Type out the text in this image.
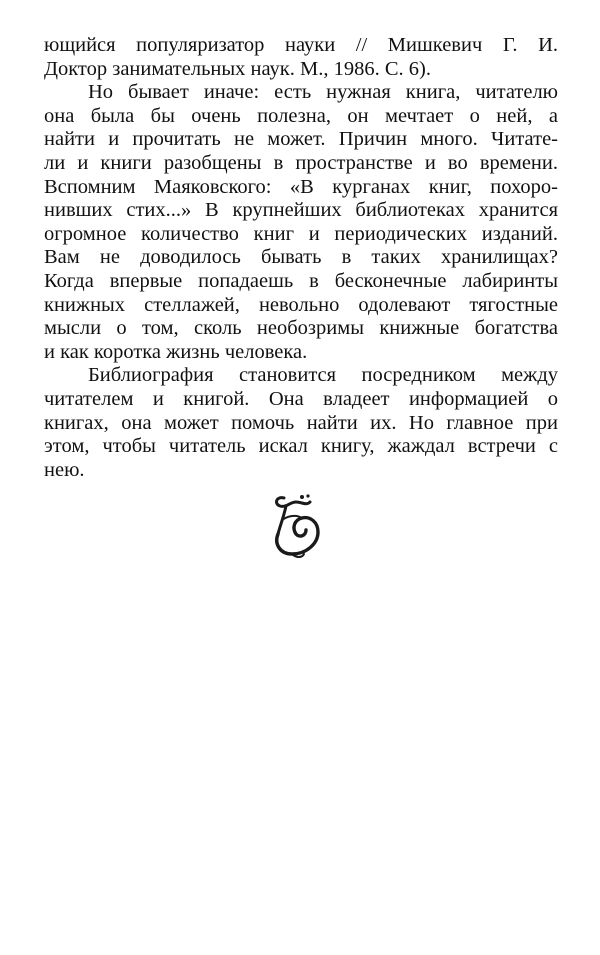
ющийся популяризатор науки // Мишкевич Г. И.
Доктор занимательных наук. М., 1986. С. 6).
Но бывает иначе: есть нужная книга, читателю
она была бы очень полезна, он мечтает о ней, а
найти и прочитать не может. Причин много. Читате-
ли и книги разобщены в пространстве и во времени.
Вспомним Маяковского: «В курганах книг, похоро-
нивших стих...» В крупнейших библиотеках хранится
огромное количество книг и периодических изданий.
Вам не доводилось бывать в таких хранилищах?
Когда впервые попадаешь в бесконечные лабиринты
книжных стеллажей, невольно одолевают тягостные
мысли о том, сколь необозримы книжные богатства
и как коротка жизнь человека.
Библиография становится посредником между
читателем и книгой. Она владеет информацией о
книгах, она может помочь найти их. Но главное при
этом, чтобы читатель искал книгу, жаждал встречи с
нею.
